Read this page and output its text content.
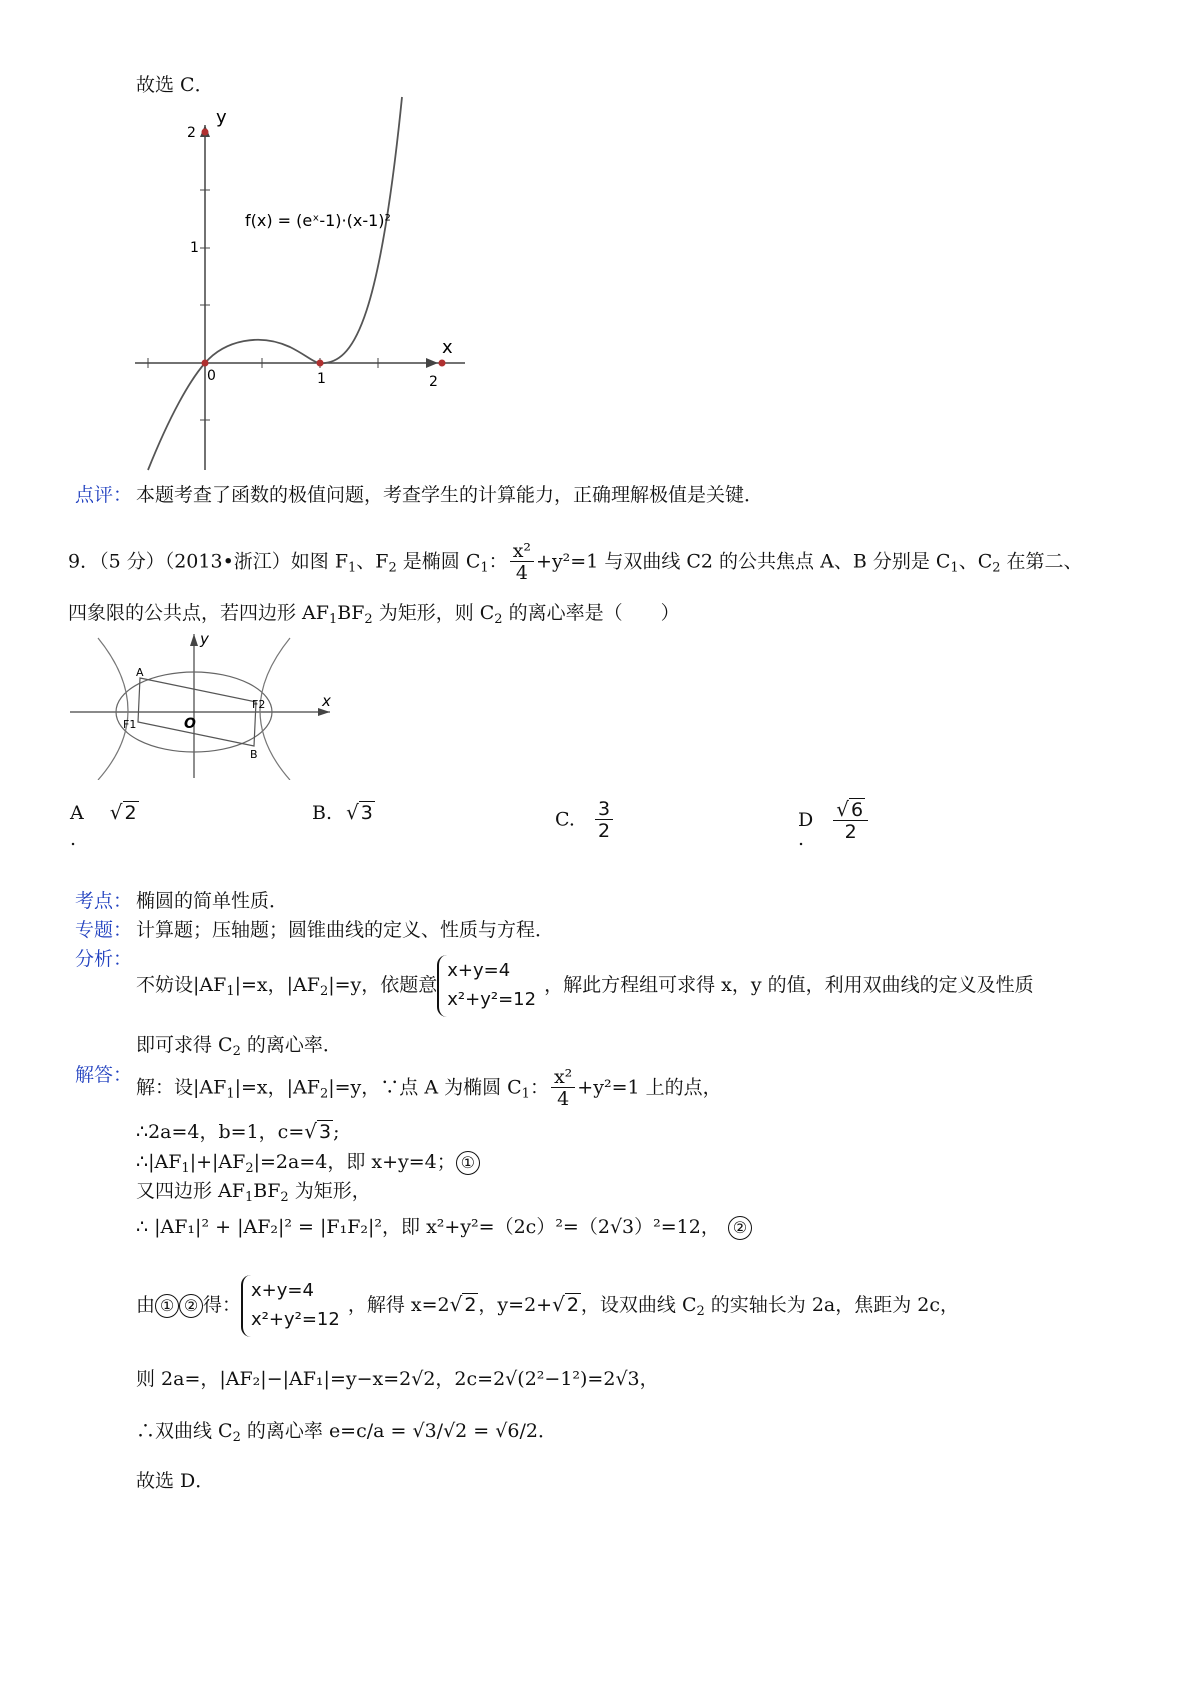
故选 C．
y
x
0	1	2
1
2
f(x) = (eˣ-1)·(x-1)²
点评： 本题考查了函数的极值问题，考查学生的计算能力，正确理解极值是关键．
9．（5 分）（2013•浙江）如图 $F_1$、$F_2$ 是椭圆 $C_1$： $\frac{\text{x²}}{4} +y^2=1$ 与双曲线 C2 的公共焦点 A、B 分别是 $C_1$、$C_2$ 在第二、
四象限的公共点，若四边形 $AF_1BF_2$ 为矩形，则 $C_2$ 的离心率是（　　）
y
x
A
B
F1
F2
O
A √ 2
.
B. √ 3	C. $\frac{3}{2}$	D $\frac{√ 6}{2}$
.
考点： 椭圆的简单性质．
专题： 计算题；压轴题；圆锥曲线的定义、性质与方程．
分析：
不妨设$|AF_1|=x$，$|AF_2|=y$，依题意
x+y=4
x²+y²=12
，解此方程组可求得 x，y 的值，利用双曲线的定义及性质
即可求得 $C_2$ 的离心率．
解答：
解：设$|AF_1|=x$，$|AF_2|=y$，∵点 A 为椭圆 $C_1$： $\frac{\text{x²}}{4} +y^2=1$ 上的点，
∴2a=4，b=1，c=√ 3 ;
$\therefore|AF_1|+|AF_2|=2a=4$，即 x+y=4； ①
又四边形 $AF_1BF_2$ 为矩形，
∴ |AF₁|² + |AF₂|² = |F₁F₂|²，即 x²+y²=（2c）²=（2√3）²=12， ②
由 ① ② 得：
x+y=4
x²+y²=12
，解得 x=2√ 2 ，y=2+√ 2 ，设双曲线 $C_2$ 的实轴长为 2a，焦距为 2c，
则 2a=，|AF₂|−|AF₁|=y−x=2√2，2c=2√(2²−1²)=2√3，
∴双曲线 $C_2$ 的离心率 e=c/a = √3/√2 = √6/2．
故选 D．
